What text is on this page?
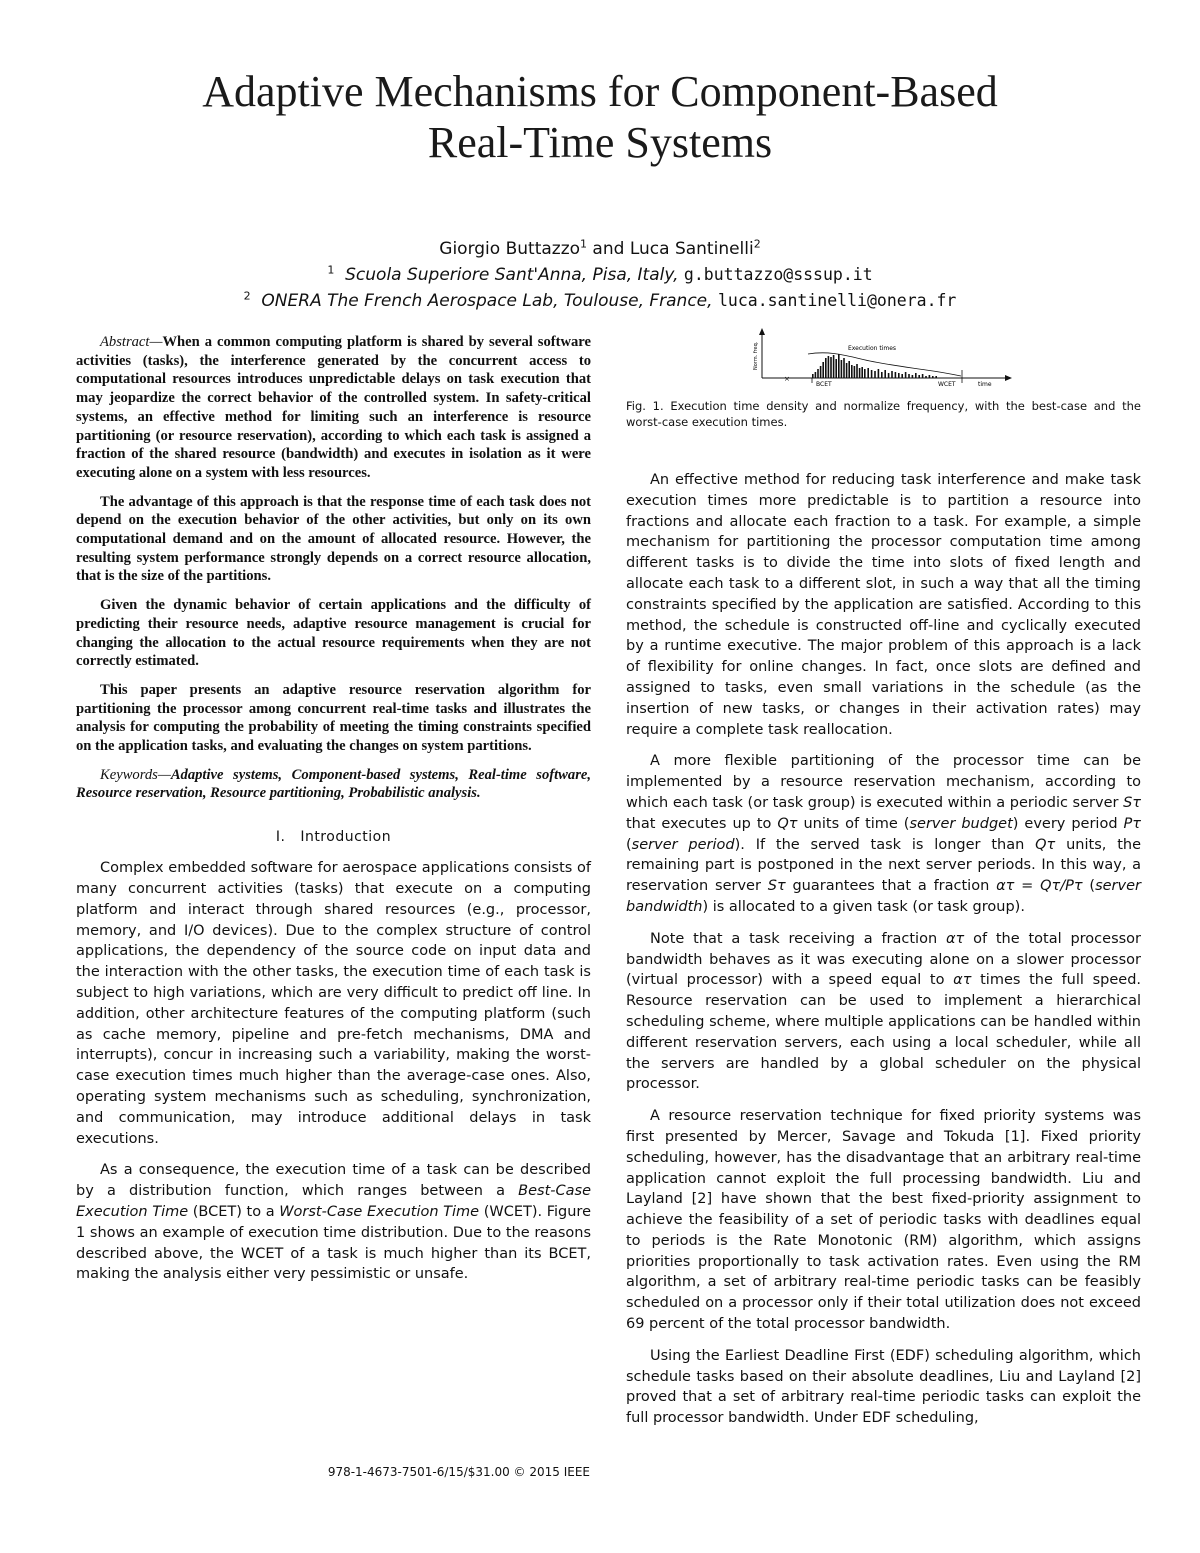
Adaptive Mechanisms for Component-Based
Real-Time Systems
Giorgio Buttazzo$^1$ and Luca Santinelli$^2$
$^1$ Scuola Superiore Sant'Anna, Pisa, Italy, g.buttazzo@sssup.it
$^2$ ONERA The French Aerospace Lab, Toulouse, France, luca.santinelli@onera.fr

Abstract—When a common computing platform is shared by several software activities (tasks), the interference generated by the concurrent access to computational resources introduces unpredictable delays on task execution that may jeopardize the correct behavior of the controlled system. In safety-critical systems, an effective method for limiting such an interference is resource partitioning (or resource reservation), according to which each task is assigned a fraction of the shared resource (bandwidth) and executes in isolation as it were executing alone on a system with less resources.

The advantage of this approach is that the response time of each task does not depend on the execution behavior of the other activities, but only on its own computational demand and on the amount of allocated resource. However, the resulting system performance strongly depends on a correct resource allocation, that is the size of the partitions.

Given the dynamic behavior of certain applications and the difficulty of predicting their resource needs, adaptive resource management is crucial for changing the allocation to the actual resource requirements when they are not correctly estimated.

This paper presents an adaptive resource reservation algorithm for partitioning the processor among concurrent real-time tasks and illustrates the analysis for computing the probability of meeting the timing constraints specified on the application tasks, and evaluating the changes on system partitions.

Keywords—Adaptive systems, Component-based systems, Real-time software, Resource reservation, Resource partitioning, Probabilistic analysis.

I.   Introduction

Complex embedded software for aerospace applications consists of many concurrent activities (tasks) that execute on a computing platform and interact through shared resources (e.g., processor, memory, and I/O devices). Due to the complex structure of control applications, the dependency of the source code on input data and the interaction with the other tasks, the execution time of each task is subject to high variations, which are very difficult to predict off line. In addition, other architecture features of the computing platform (such as cache memory, pipeline and pre-fetch mechanisms, DMA and interrupts), concur in increasing such a variability, making the worst-case execution times much higher than the average-case ones. Also, operating system mechanisms such as scheduling, synchronization, and communication, may introduce additional delays in task executions.

As a consequence, the execution time of a task can be described by a distribution function, which ranges between a Best-Case Execution Time (BCET) to a Worst-Case Execution Time (WCET). Figure 1 shows an example of execution time distribution. Due to the reasons described above, the WCET of a task is much higher than its BCET, making the analysis either very pessimistic or unsafe.

978-1-4673-7501-6/15/$31.00 © 2015 IEEE
Norm. freq.	Execution times
BCET	WCET	time
×
Fig. 1. Execution time density and normalize frequency, with the best-case and the worst-case execution times.

An effective method for reducing task interference and make task execution times more predictable is to partition a resource into fractions and allocate each fraction to a task. For example, a simple mechanism for partitioning the processor computation time among different tasks is to divide the time into slots of fixed length and allocate each task to a different slot, in such a way that all the timing constraints specified by the application are satisfied. According to this method, the schedule is constructed off-line and cyclically executed by a runtime executive. The major problem of this approach is a lack of flexibility for online changes. In fact, once slots are defined and assigned to tasks, even small variations in the schedule (as the insertion of new tasks, or changes in their activation rates) may require a complete task reallocation.

A more flexible partitioning of the processor time can be implemented by a resource reservation mechanism, according to which each task (or task group) is executed within a periodic server Sτ that executes up to Qτ units of time (server budget) every period Pτ (server period). If the served task is longer than Qτ units, the remaining part is postponed in the next server periods. In this way, a reservation server Sτ guarantees that a fraction ατ = Qτ/Pτ (server bandwidth) is allocated to a given task (or task group).

Note that a task receiving a fraction ατ of the total processor bandwidth behaves as it was executing alone on a slower processor (virtual processor) with a speed equal to ατ times the full speed. Resource reservation can be used to implement a hierarchical scheduling scheme, where multiple applications can be handled within different reservation servers, each using a local scheduler, while all the servers are handled by a global scheduler on the physical processor.

A resource reservation technique for fixed priority systems was first presented by Mercer, Savage and Tokuda [1]. Fixed priority scheduling, however, has the disadvantage that an arbitrary real-time application cannot exploit the full processing bandwidth. Liu and Layland [2] have shown that the best fixed-priority assignment to achieve the feasibility of a set of periodic tasks with deadlines equal to periods is the Rate Monotonic (RM) algorithm, which assigns priorities proportionally to task activation rates. Even using the RM algorithm, a set of arbitrary real-time periodic tasks can be feasibly scheduled on a processor only if their total utilization does not exceed 69 percent of the total processor bandwidth.

Using the Earliest Deadline First (EDF) scheduling algorithm, which schedule tasks based on their absolute deadlines, Liu and Layland [2] proved that a set of arbitrary real-time periodic tasks can exploit the full processor bandwidth. Under EDF scheduling,
